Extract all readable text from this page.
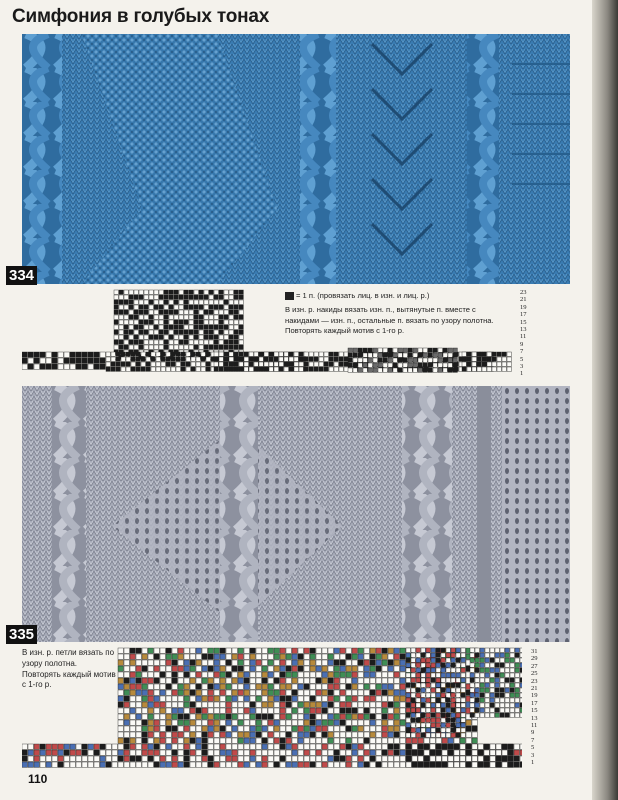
Симфония в голубых тонах
334
= 1 п. (провязать лиц. в изн. и лиц. р.)
В изн. р. накиды вязать изн. п., вытянутые п. вместе с накидами — изн. п., остальные п. вязать по узору полотна. Повторять каждый мотив с 1-го р.
23
21
19
17
15
13
11
9
7
5
3
1
335
В изн. р. петли вязать по узору полотна. Повторять каждый мотив с 1-го р.
31
29
27
25
23
21
19
17
15
13
11
9
7
5
3
1
110
